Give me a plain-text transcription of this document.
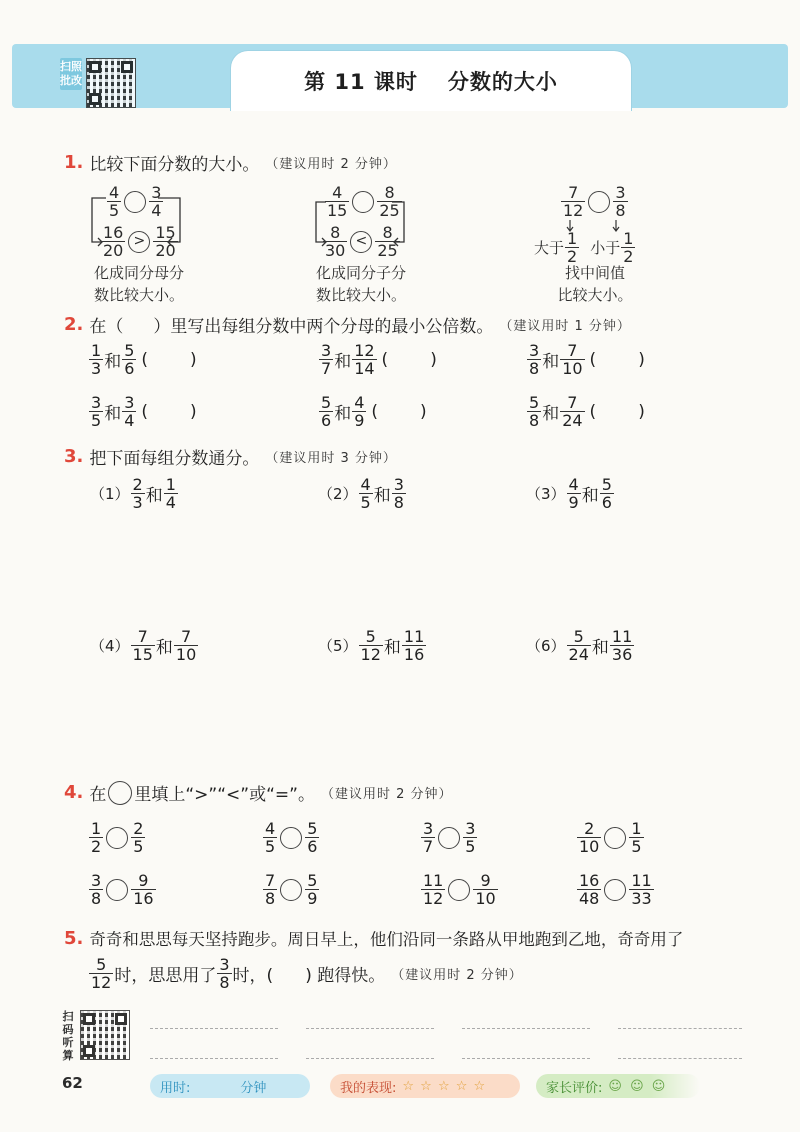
扫照批改	第 11 课时 分数的大小
1. 比较下面分数的大小。 （建议用时 2 分钟）
$\frac{4}{5} \frac{3}{4}$
$\frac{16}{20} > \frac{15}{20}$
化成同分母分
数比较大小。
$\frac{4}{15} \frac{8}{25}$
$\frac{8}{30} < \frac{8}{25}$
化成同分子分
数比较大小。
$\frac{7}{12} \frac{3}{8}$
大于 $\frac{1}{2}$ 小于 $\frac{1}{2}$
找中间值
比较大小。
2. 在（ ）里写出每组分数中两个分母的最小公倍数。 （建议用时 1 分钟）
$\frac{1}{3}$ 和 $\frac{5}{6}$ ( )	$\frac{3}{7}$ 和 $\frac{12}{14}$ ( )	$\frac{3}{8}$ 和 $\frac{7}{10}$ ( )
$\frac{3}{5}$ 和 $\frac{3}{4}$ ( )	$\frac{5}{6}$ 和 $\frac{4}{9}$ ( )	$\frac{5}{8}$ 和 $\frac{7}{24}$ ( )
3. 把下面每组分数通分。 （建议用时 3 分钟）
$(1) \frac{2}{3}$ 和 $\frac{1}{4}$	$(2) \frac{4}{5}$ 和 $\frac{3}{8}$	$(3) \frac{4}{9}$ 和 $\frac{5}{6}$
$(4) \frac{7}{15}$ 和 $\frac{7}{10}$	$(5) \frac{5}{12}$ 和 $\frac{11}{16}$	$(6) \frac{5}{24}$ 和 $\frac{11}{36}$
4. 在 里填上“>”“<”或“=”。 （建议用时 2 分钟）
$\frac{1}{2} \frac{2}{5}$	$\frac{4}{5} \frac{5}{6}$	$\frac{3}{7} \frac{3}{5}$	$\frac{2}{10} \frac{1}{5}$
$\frac{3}{8} \frac{9}{16}$	$\frac{7}{8} \frac{5}{9}$	$\frac{11}{12} \frac{9}{10}$	$\frac{16}{48} \frac{11}{33}$
5. 奇奇和思思每天坚持跑步。周日早上，他们沿同一条路从甲地跑到乙地，奇奇用了
$\frac{5}{12}$ 时，思思用了 $\frac{3}{8}$ 时，( ) 跑得快。 （建议用时 2 分钟）
扫码听算
62	用时:	分钟	我的表现: ☆ ☆ ☆ ☆ ☆	家长评价: ☺ ☺ ☺
